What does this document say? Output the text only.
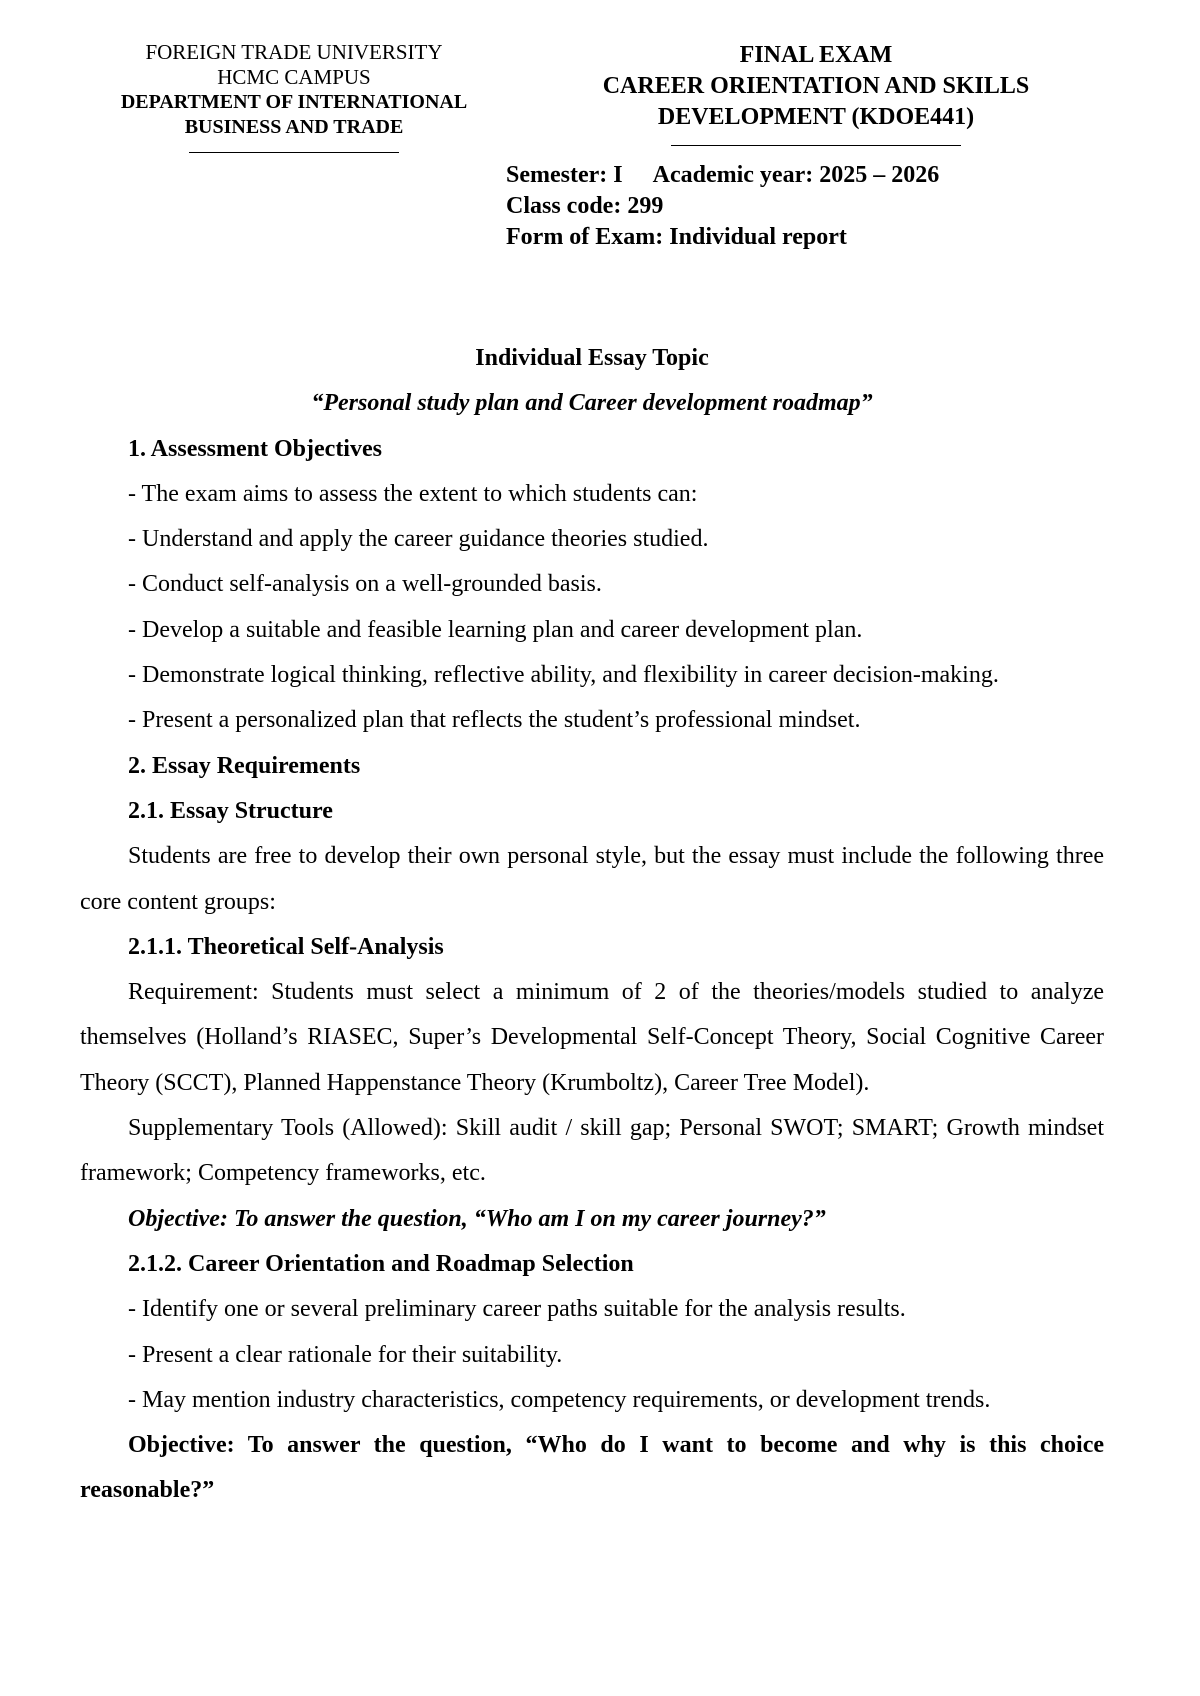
FOREIGN TRADE UNIVERSITY
HCMC CAMPUS
DEPARTMENT OF INTERNATIONAL
BUSINESS AND TRADE
FINAL EXAM
CAREER ORIENTATION AND SKILLS
DEVELOPMENT (KDOE441)
Semester: I Academic year: 2025 – 2026
Class code: 299
Form of Exam: Individual report
Individual Essay Topic
“Personal study plan and Career development roadmap”
1. Assessment Objectives
- The exam aims to assess the extent to which students can:
- Understand and apply the career guidance theories studied.
- Conduct self-analysis on a well-grounded basis.
- Develop a suitable and feasible learning plan and career development plan.
- Demonstrate logical thinking, reflective ability, and flexibility in career decision-making.
- Present a personalized plan that reflects the student’s professional mindset.
2. Essay Requirements
2.1. Essay Structure
Students are free to develop their own personal style, but the essay must include the following three core content groups:
2.1.1. Theoretical Self-Analysis
Requirement: Students must select a minimum of 2 of the theories/models studied to analyze themselves (Holland’s RIASEC, Super’s Developmental Self-Concept Theory, Social Cognitive Career Theory (SCCT), Planned Happenstance Theory (Krumboltz), Career Tree Model).
Supplementary Tools (Allowed): Skill audit / skill gap; Personal SWOT; SMART; Growth mindset framework; Competency frameworks, etc.
Objective: To answer the question, “Who am I on my career journey?”
2.1.2. Career Orientation and Roadmap Selection
- Identify one or several preliminary career paths suitable for the analysis results.
- Present a clear rationale for their suitability.
- May mention industry characteristics, competency requirements, or development trends.
Objective: To answer the question, “Who do I want to become and why is this choice reasonable?”
